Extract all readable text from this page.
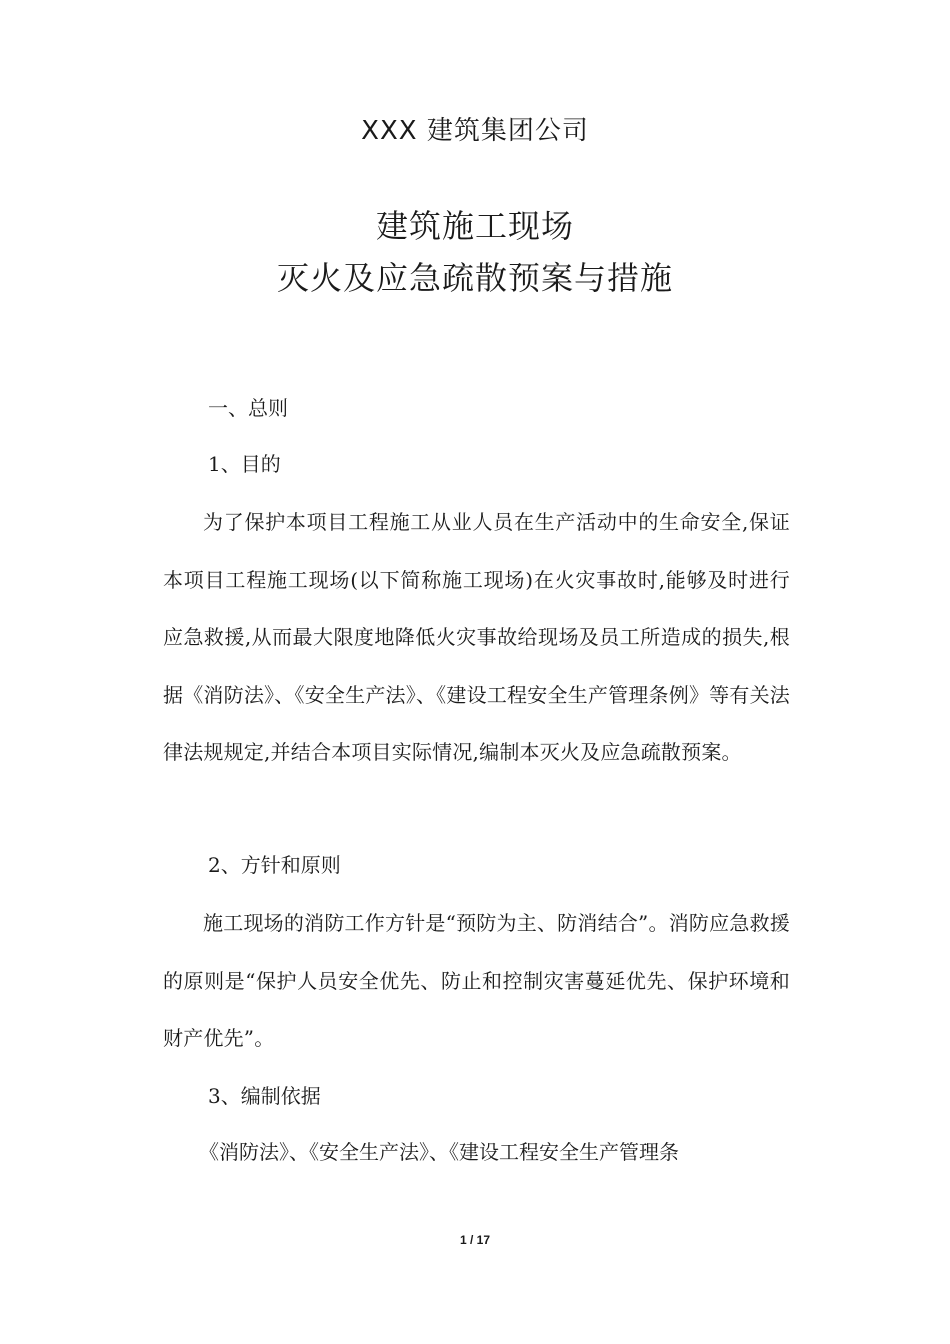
XXX 建筑集团公司
建筑施工现场
灭火及应急疏散预案与措施
一、总则
1、目的
为了保护本项目工程施工从业人员在生产活动中的生命安全,保证本项目工程施工现场(以下简称施工现场)在火灾事故时,能够及时进行应急救援,从而最大限度地降低火灾事故给现场及员工所造成的损失,根据《消防法》、《安全生产法》、《建设工程安全生产管理条例》等有关法律法规规定,并结合本项目实际情况,编制本灭火及应急疏散预案。
2、方针和原则
施工现场的消防工作方针是“预防为主、防消结合”。消防应急救援的原则是“保护人员安全优先、防止和控制灾害蔓延优先、保护环境和财产优先”。
3、编制依据
《消防法》、《安全生产法》、《建设工程安全生产管理条
1 / 17
